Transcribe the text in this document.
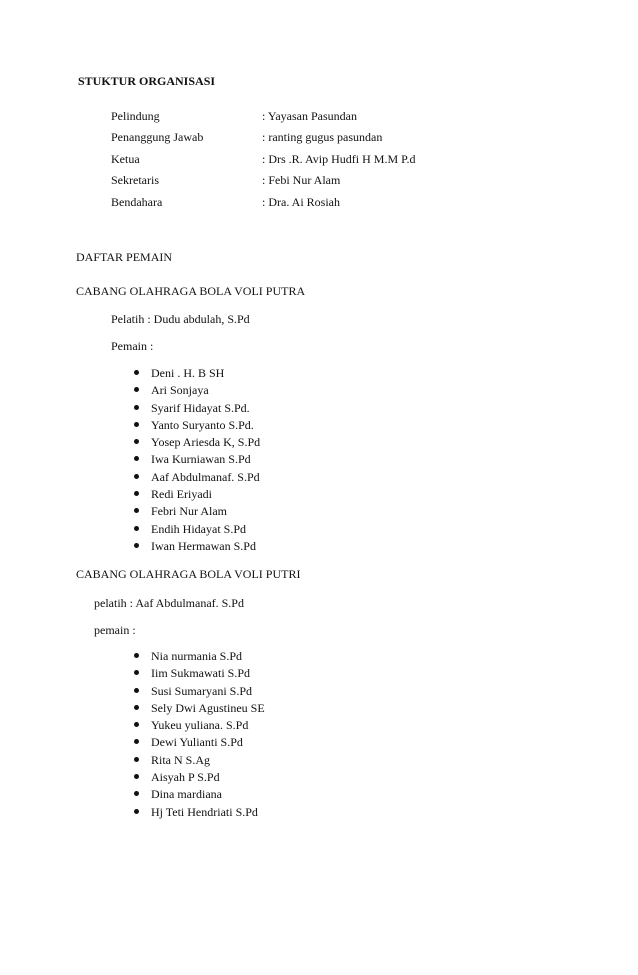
STUKTUR ORGANISASI
Pelindung	: Yayasan Pasundan
Penanggung Jawab	: ranting gugus pasundan
Ketua	: Drs .R. Avip Hudfi H M.M P.d
Sekretaris	: Febi Nur Alam
Bendahara	: Dra. Ai Rosiah
DAFTAR PEMAIN
CABANG OLAHRAGA BOLA VOLI PUTRA
Pelatih : Dudu abdulah, S.Pd
Pemain :
Deni . H. B SH
Ari Sonjaya
Syarif Hidayat S.Pd.
Yanto Suryanto S.Pd.
Yosep Ariesda K, S.Pd
Iwa Kurniawan S.Pd
Aaf Abdulmanaf. S.Pd
Redi Eriyadi
Febri Nur Alam
Endih Hidayat S.Pd
Iwan Hermawan S.Pd
CABANG OLAHRAGA BOLA VOLI PUTRI
pelatih : Aaf Abdulmanaf. S.Pd
pemain :
Nia nurmania S.Pd
Iim Sukmawati S.Pd
Susi Sumaryani S.Pd
Sely Dwi Agustineu SE
Yukeu yuliana. S.Pd
Dewi Yulianti S.Pd
Rita N S.Ag
Aisyah P S.Pd
Dina mardiana
Hj Teti Hendriati S.Pd
